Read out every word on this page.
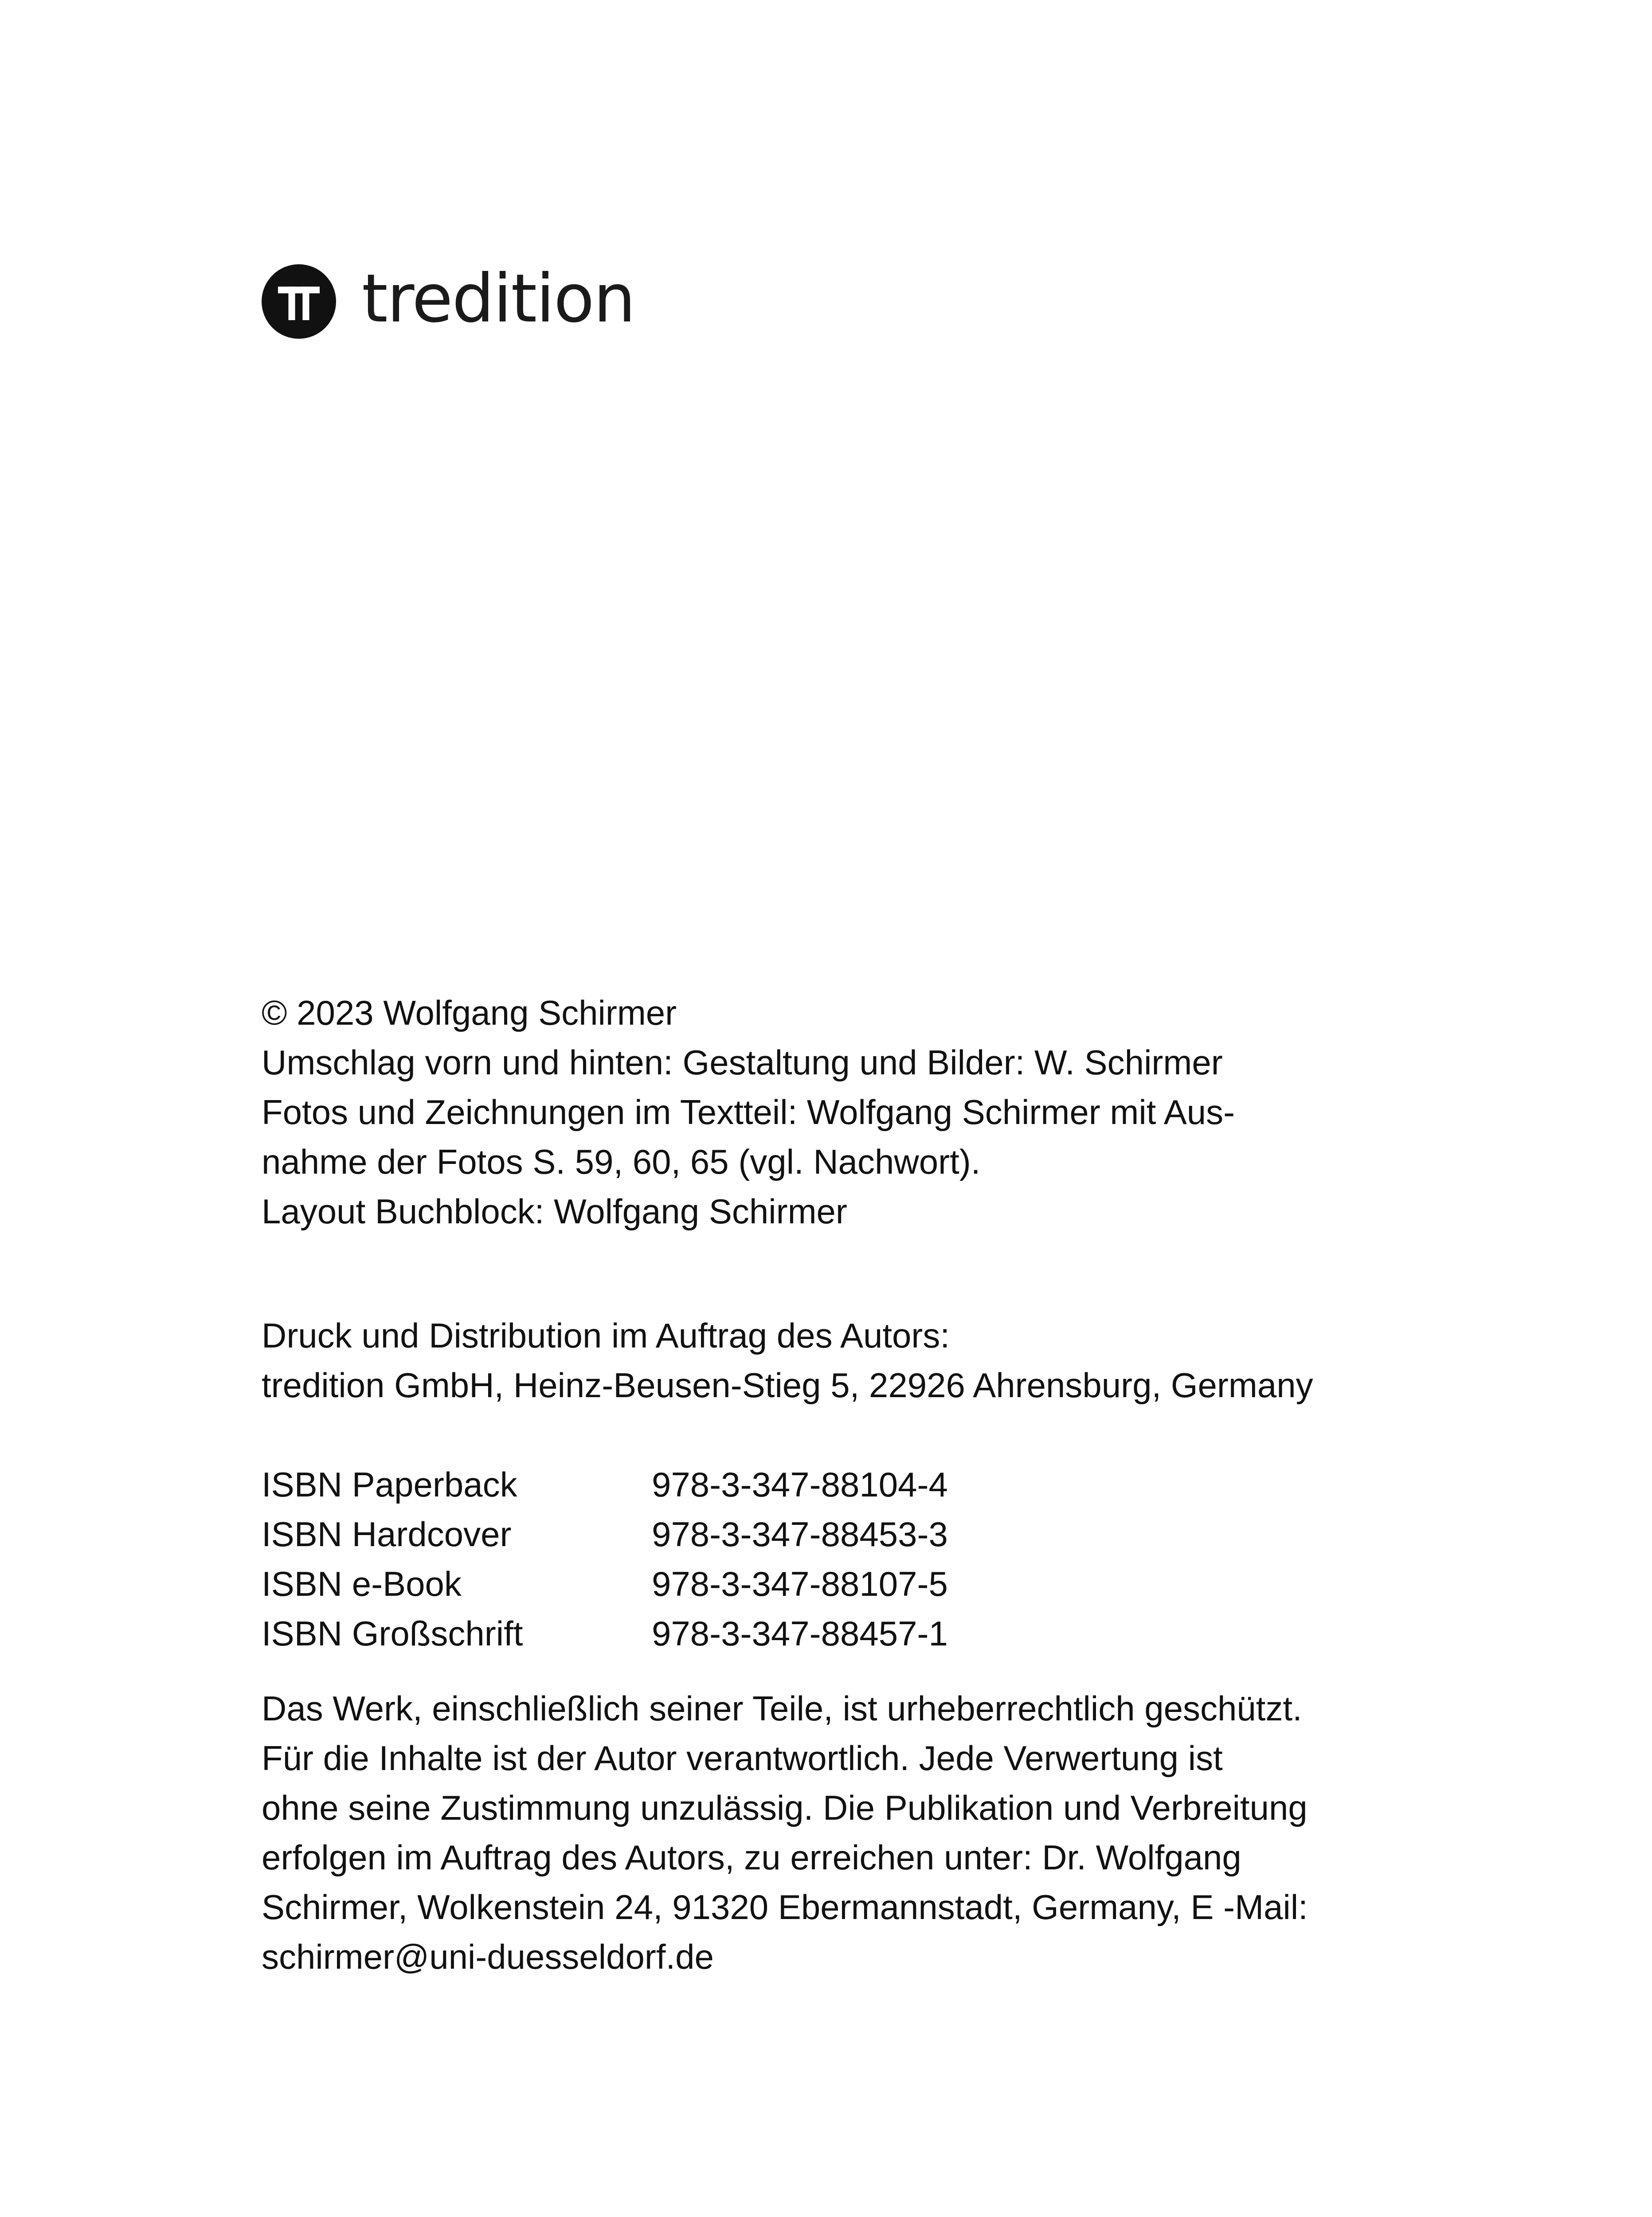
tredition

© 2023 Wolfgang Schirmer

Umschlag vorn und hinten: Gestaltung und Bilder: W. Schirmer

Fotos und Zeichnungen im Textteil: Wolfgang Schirmer mit Aus-

nahme der Fotos S. 59, 60, 65 (vgl. Nachwort).

Layout Buchblock: Wolfgang Schirmer

Druck und Distribution im Auftrag des Autors:

tredition GmbH, Heinz-Beusen-Stieg 5, 22926 Ahrensburg, Germany

ISBN Paperback	978-3-347-88104-4
ISBN Hardcover	978-3-347-88453-3
ISBN e-Book	978-3-347-88107-5
ISBN Großschrift	978-3-347-88457-1

Das Werk, einschließlich seiner Teile, ist urheberrechtlich geschützt.

Für die Inhalte ist der Autor verantwortlich. Jede Verwertung ist

ohne seine Zustimmung unzulässig. Die Publikation und Verbreitung

erfolgen im Auftrag des Autors, zu erreichen unter: Dr. Wolfgang

Schirmer, Wolkenstein 24, 91320 Ebermannstadt, Germany, E -Mail:

schirmer@uni-duesseldorf.de
